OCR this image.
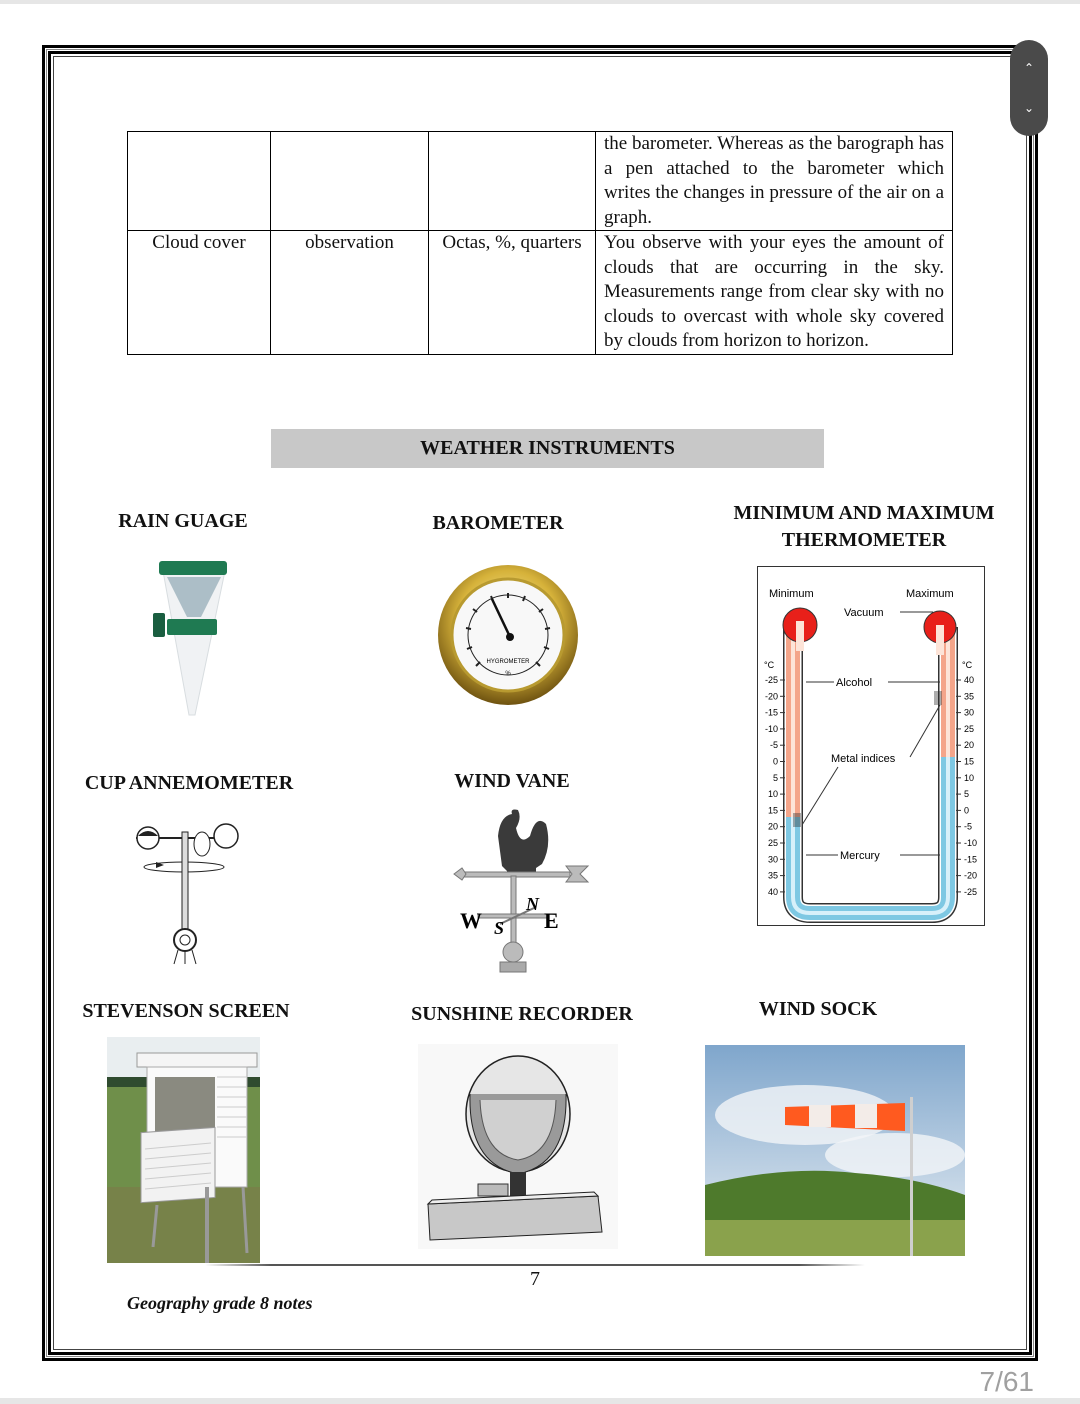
⌃
⌄
			the barometer. Whereas as the barograph has a pen attached to the barometer which writes the changes in pressure of the air on a graph.
Cloud cover	observation	Octas, %, quarters	You observe with your eyes the amount of clouds that are occurring in the sky. Measurements range from clear sky with no clouds to overcast with whole sky covered by clouds from horizon to horizon.
WEATHER INSTRUMENTS
RAIN GUAGE	BAROMETER	MINIMUM AND MAXIMUM
THERMOMETER
CUP ANNEMOMETER	WIND VANE
STEVENSON SCREEN	SUNSHINE RECORDER	WIND SOCK
HYGROMETER
%
Minimum	Maximum
Vacuum
Alcohol
Metal indices
Mercury
°C	°C
-25
-20
-15
-10
-5
0
5
10
15
20
25
30
35
40
40
35
30
25
20
15
10
5
0
-5
-10
-15
-20
-25
W	E
N
S
7
Geography grade 8 notes
7/61
